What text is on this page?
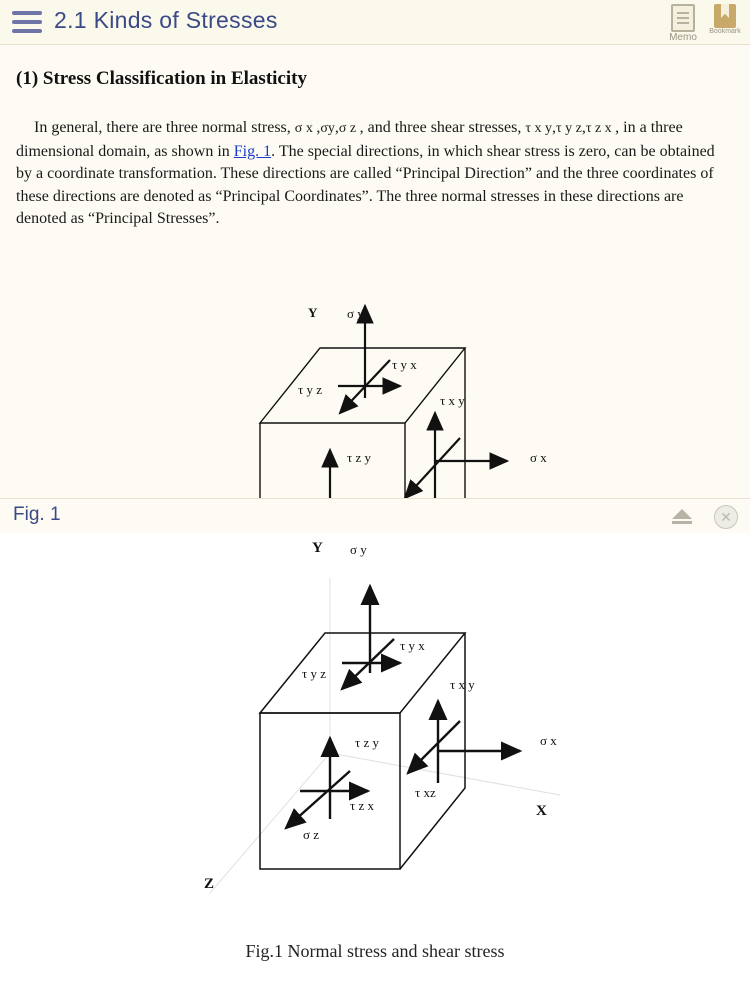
2.1 Kinds of Stresses
Memo
Bookmark
(1) Stress Classification in Elasticity

In general, there are three normal stress, σ x ,σy,σ z , and three shear stresses, τ x y,τ y z,τ z x , in a three dimensional domain, as shown in Fig. 1. The special directions, in which shear stress is zero, can be obtained by a coordinate transformation. These directions are called “Principal Direction” and the three coordinates of these directions are denoted as “Principal Coordinates”. The three normal stresses in these directions are denoted as “Principal Stresses”.

Y σ y
τ y x
τ y z
τ x y
τ z y	σ x
Fig. 1	✕
Y σ y
τ y x
τ y z
τ x y
σ x
τ z y
τ xz
τ z x
σ z
X
Z
Fig.1 Normal stress and shear stress
